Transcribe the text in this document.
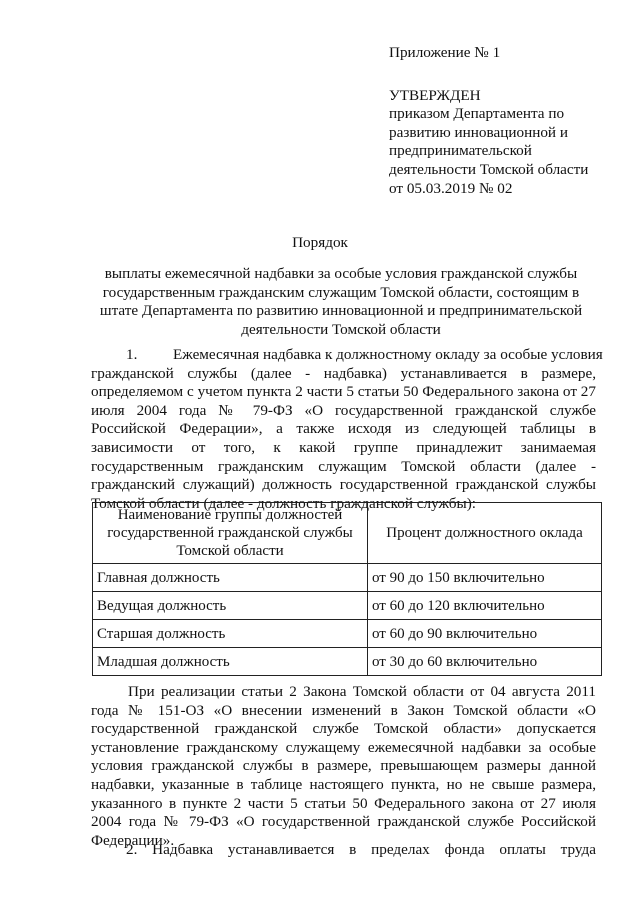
Приложение № 1
УТВЕРЖДЕН
приказом Департамента по
развитию инновационной и
предпринимательской
деятельности Томской области
от 05.03.2019 № 02
Порядок
выплаты ежемесячной надбавки за особые условия гражданской службы
государственным гражданским служащим Томской области, состоящим в
штате Департамента по развитию инновационной и предпринимательской
деятельности Томской области
1. Ежемесячная надбавка к должностному окладу за особые условия
гражданской службы (далее - надбавка) устанавливается в размере,
определяемом с учетом пункта 2 части 5 статьи 50 Федерального закона от 27
июля 2004 года № 79-ФЗ «О государственной гражданской службе
Российской Федерации», а также исходя из следующей таблицы в
зависимости от того, к какой группе принадлежит занимаемая
государственным гражданским служащим Томской области (далее -
гражданский служащий) должность государственной гражданской службы
Томской области (далее - должность гражданской службы):
Наименование группы должностей государственной гражданской службы Томской области	Процент должностного оклада
Главная должность	от 90 до 150 включительно
Ведущая должность	от 60 до 120 включительно
Старшая должность	от 60 до 90 включительно
Младшая должность	от 30 до 60 включительно
При реализации статьи 2 Закона Томской области от 04 августа 2011
года № 151-ОЗ «О внесении изменений в Закон Томской области «О
государственной гражданской службе Томской области» допускается
установление гражданскому служащему ежемесячной надбавки за особые
условия гражданской службы в размере, превышающем размеры данной
надбавки, указанные в таблице настоящего пункта, но не свыше размера,
указанного в пункте 2 части 5 статьи 50 Федерального закона от 27 июля
2004 года № 79-ФЗ «О государственной гражданской службе Российской
Федерации».
2. Надбавка устанавливается в пределах фонда оплаты труда
